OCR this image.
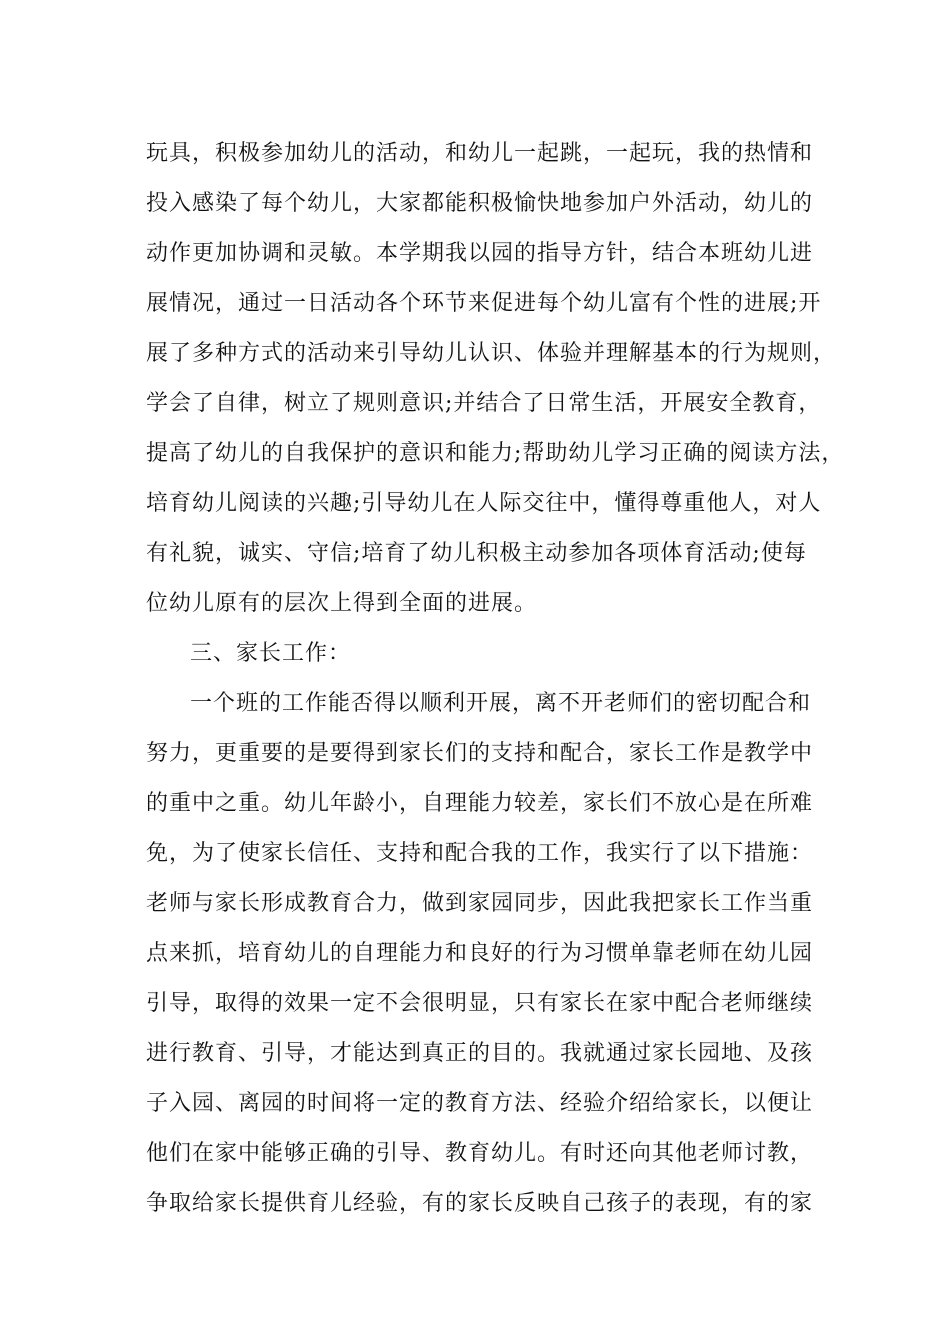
玩具，积极参加幼儿的活动，和幼儿一起跳，一起玩，我的热情和
投入感染了每个幼儿，大家都能积极愉快地参加户外活动，幼儿的
动作更加协调和灵敏。本学期我以园的指导方针，结合本班幼儿进
展情况，通过一日活动各个环节来促进每个幼儿富有个性的进展;开
展了多种方式的活动来引导幼儿认识、体验并理解基本的行为规则，
学会了自律，树立了规则意识;并结合了日常生活，开展安全教育，
提高了幼儿的自我保护的意识和能力;帮助幼儿学习正确的阅读方法，
培育幼儿阅读的兴趣;引导幼儿在人际交往中，懂得尊重他人，对人
有礼貌，诚实、守信;培育了幼儿积极主动参加各项体育活动;使每
位幼儿原有的层次上得到全面的进展。
三、家长工作：
一个班的工作能否得以顺利开展，离不开老师们的密切配合和
努力，更重要的是要得到家长们的支持和配合，家长工作是教学中
的重中之重。幼儿年龄小，自理能力较差，家长们不放心是在所难
免，为了使家长信任、支持和配合我的工作，我实行了以下措施：
老师与家长形成教育合力，做到家园同步，因此我把家长工作当重
点来抓，培育幼儿的自理能力和良好的行为习惯单靠老师在幼儿园
引导，取得的效果一定不会很明显，只有家长在家中配合老师继续
进行教育、引导，才能达到真正的目的。我就通过家长园地、及孩
子入园、离园的时间将一定的教育方法、经验介绍给家长，以便让
他们在家中能够正确的引导、教育幼儿。有时还向其他老师讨教，
争取给家长提供育儿经验，有的家长反映自己孩子的表现，有的家
